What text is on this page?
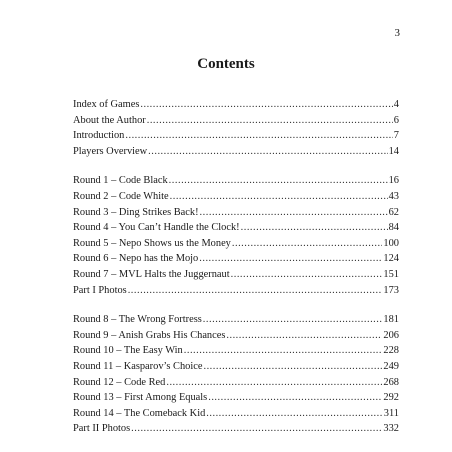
3
Contents
Index of Games .....	4
About the Author .....	6
Introduction .....	7
Players Overview .....	14
Round 1 – Code Black .....	16
Round 2 – Code White .....	43
Round 3 – Ding Strikes Back! .....	62
Round 4 – You Can’t Handle the Clock! .....	84
Round 5 – Nepo Shows us the Money .....	100
Round 6 – Nepo has the Mojo .....	124
Round 7 – MVL Halts the Juggernaut .....	151
Part I Photos .....	173
Round 8 – The Wrong Fortress .....	181
Round 9 – Anish Grabs His Chances .....	206
Round 10 – The Easy Win .....	228
Round 11 – Kasparov’s Choice .....	249
Round 12 – Code Red .....	268
Round 13 – First Among Equals .....	292
Round 14 – The Comeback Kid .....	311
Part II Photos .....	332
